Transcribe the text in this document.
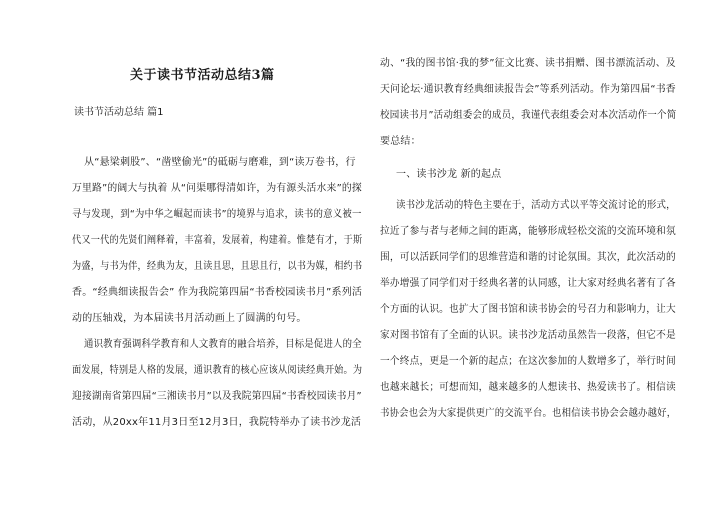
关于读书节活动总结3篇
读书节活动总结 篇1
从“悬梁刺股”、“凿壁偷光”的砥砺与磨难，到“读万卷书，行
万里路”的阔大与执着 从“问渠哪得清如许，为有源头活水来”的探
寻与发现，到“为中华之崛起而读书”的境界与追求，读书的意义被一
代又一代的先贤们阐释着，丰富着，发展着，构建着。惟楚有才，于斯
为盛，与书为伴，经典为友，且读且思，且思且行，以书为媒，相约书
香。“经典细读报告会” 作为我院第四届“书香校园读书月”系列活
动的压轴戏，为本届读书月活动画上了圆满的句号。
通识教育强调科学教育和人文教育的融合培养，目标是促进人的全
面发展，特别是人格的发展，通识教育的核心应该从阅读经典开始。为
迎接湖南省第四届“三湘读书月”以及我院第四届“书香校园读书月”
活动，从20xx年11月3日至12月3日，我院特举办了读书沙龙活
动、“我的图书馆·我的梦”征文比赛、读书捐赠、图书漂流活动、及
天问论坛·通识教育经典细读报告会”等系列活动。作为第四届“书香
校园读书月”活动组委会的成员，我谨代表组委会对本次活动作一个简
要总结：
一、读书沙龙 新的起点
读书沙龙活动的特色主要在于，活动方式以平等交流讨论的形式，
拉近了参与者与老师之间的距离，能够形成轻松交流的交流环境和氛
围，可以活跃同学们的思维营造和谐的讨论氛围。其次，此次活动的
举办增强了同学们对于经典名著的认同感，让大家对经典名著有了各
个方面的认识。也扩大了图书馆和读书协会的号召力和影响力，让大
家对图书馆有了全面的认识。读书沙龙活动虽然告一段落，但它不是
一个终点，更是一个新的起点；在这次参加的人数增多了，举行时间
也越来越长；可想而知，越来越多的人想读书、热爱读书了。相信读
书协会也会为大家提供更广的交流平台。也相信读书协会会越办越好，
